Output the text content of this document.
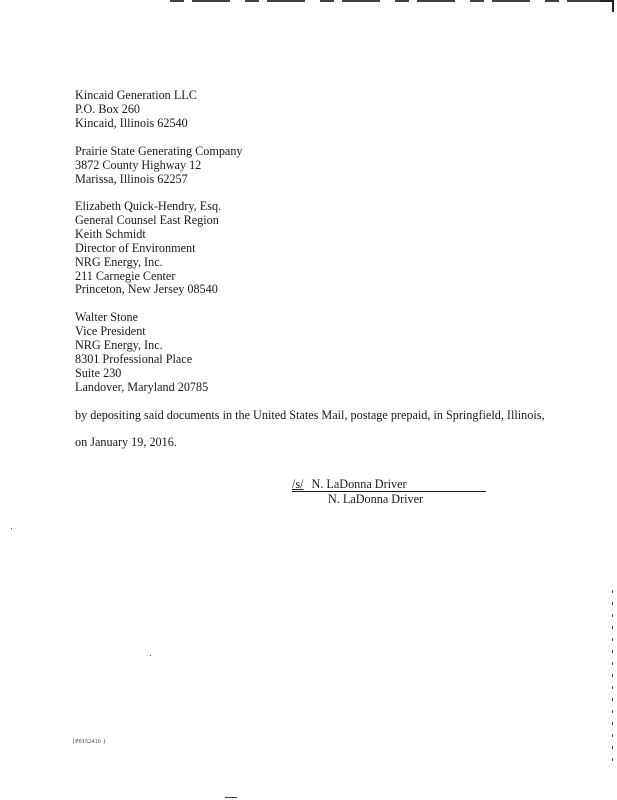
Kincaid Generation LLC
P.O. Box 260
Kincaid, Illinois 62540
Prairie State Generating Company
3872 County Highway 12
Marissa, Illinois 62257
Elizabeth Quick-Hendry, Esq.
General Counsel East Region
Keith Schmidt
Director of Environment
NRG Energy, Inc.
211 Carnegie Center
Princeton, New Jersey 08540
Walter Stone
Vice President
NRG Energy, Inc.
8301 Professional Place
Suite 230
Landover, Maryland 20785

by depositing said documents in the United States Mail, postage prepaid, in Springfield, Illinois,

on January 19, 2016.

/s/ N. LaDonna Driver
N. LaDonna Driver
{P0152416 }
